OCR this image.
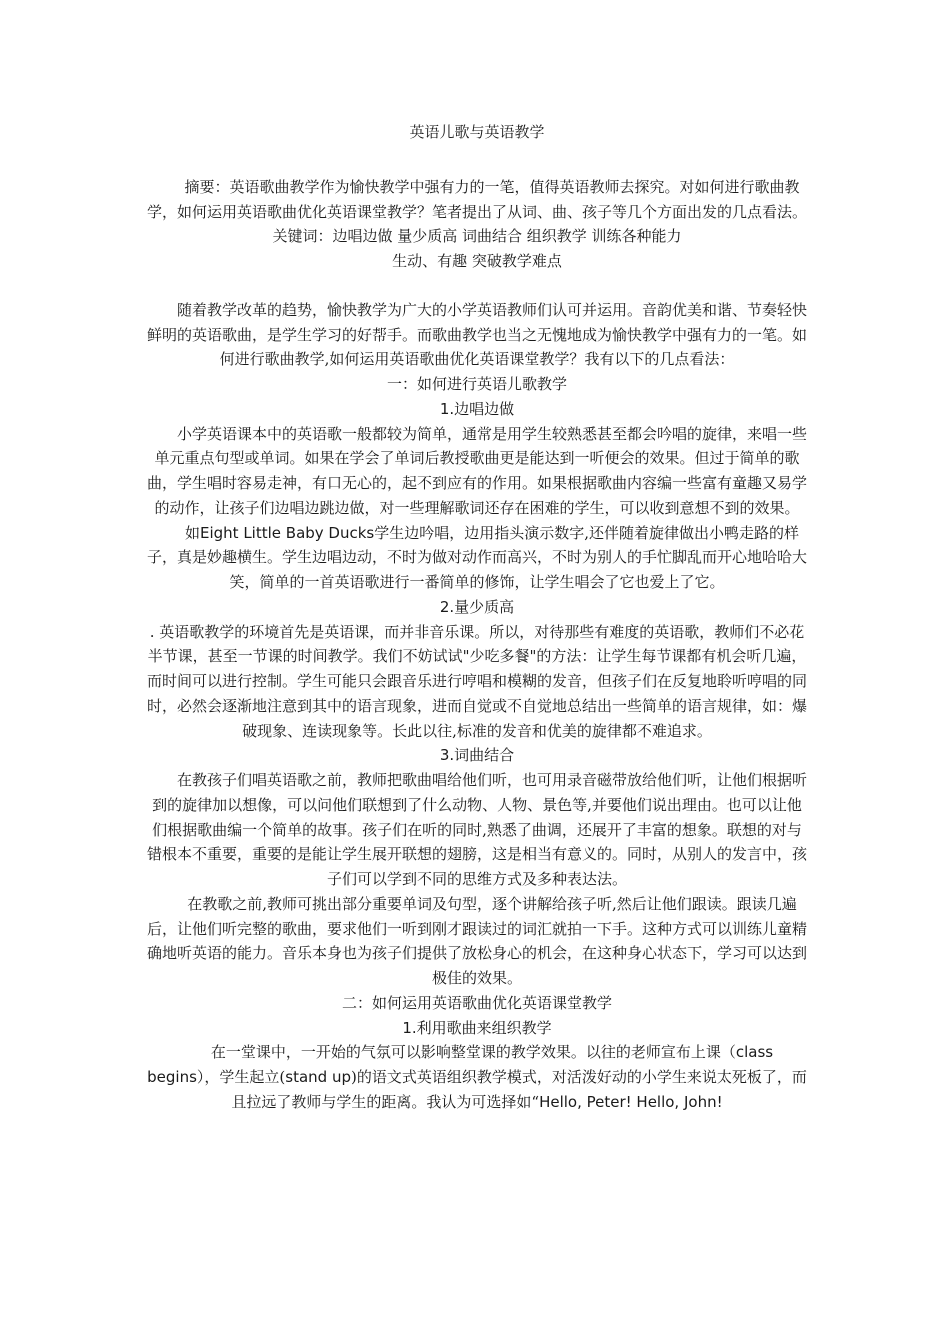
英语儿歌与英语教学

摘要：英语歌曲教学作为愉快教学中强有力的一笔，值得英语教师去探究。对如何进行歌曲教学，如何运用英语歌曲优化英语课堂教学？笔者提出了从词、曲、孩子等几个方面出发的几点看法。

关键词：边唱边做 量少质高 词曲结合 组织教学 训练各种能力

生动、有趣 突破教学难点

随着教学改革的趋势，愉快教学为广大的小学英语教师们认可并运用。音韵优美和谐、节奏轻快鲜明的英语歌曲，是学生学习的好帮手。而歌曲教学也当之无愧地成为愉快教学中强有力的一笔。如何进行歌曲教学,如何运用英语歌曲优化英语课堂教学？我有以下的几点看法：

一：如何进行英语儿歌教学

1.边唱边做

小学英语课本中的英语歌一般都较为简单，通常是用学生较熟悉甚至都会吟唱的旋律，来唱一些单元重点句型或单词。如果在学会了单词后教授歌曲更是能达到一听便会的效果。但过于简单的歌曲，学生唱时容易走神，有口无心的，起不到应有的作用。如果根据歌曲内容编一些富有童趣又易学的动作，让孩子们边唱边跳边做，对一些理解歌词还存在困难的学生，可以收到意想不到的效果。

如Eight Little Baby Ducks学生边吟唱，边用指头演示数字,还伴随着旋律做出小鸭走路的样子，真是妙趣横生。学生边唱边动，不时为做对动作而高兴，不时为别人的手忙脚乱而开心地哈哈大笑，简单的一首英语歌进行一番简单的修饰，让学生唱会了它也爱上了它。

2.量少质高

. 英语歌教学的环境首先是英语课，而并非音乐课。所以，对待那些有难度的英语歌，教师们不必花半节课，甚至一节课的时间教学。我们不妨试试"少吃多餐"的方法：让学生每节课都有机会听几遍，而时间可以进行控制。学生可能只会跟音乐进行哼唱和模糊的发音，但孩子们在反复地聆听哼唱的同时，必然会逐渐地注意到其中的语言现象，进而自觉或不自觉地总结出一些简单的语言规律，如：爆破现象、连读现象等。长此以往,标准的发音和优美的旋律都不难追求。

3.词曲结合

在教孩子们唱英语歌之前，教师把歌曲唱给他们听，也可用录音磁带放给他们听，让他们根据听到的旋律加以想像，可以问他们联想到了什么动物、人物、景色等,并要他们说出理由。也可以让他们根据歌曲编一个简单的故事。孩子们在听的同时,熟悉了曲调，还展开了丰富的想象。联想的对与错根本不重要，重要的是能让学生展开联想的翅膀，这是相当有意义的。同时，从别人的发言中，孩子们可以学到不同的思维方式及多种表达法。

在教歌之前,教师可挑出部分重要单词及句型，逐个讲解给孩子听,然后让他们跟读。跟读几遍后，让他们听完整的歌曲，要求他们一听到刚才跟读过的词汇就拍一下手。这种方式可以训练儿童精确地听英语的能力。音乐本身也为孩子们提供了放松身心的机会，在这种身心状态下，学习可以达到极佳的效果。

二：如何运用英语歌曲优化英语课堂教学

1.利用歌曲来组织教学

在一堂课中，一开始的气氛可以影响整堂课的教学效果。以往的老师宣布上课（class begins），学生起立(stand up)的语文式英语组织教学模式，对活泼好动的小学生来说太死板了，而且拉远了教师与学生的距离。我认为可选择如“Hello, Peter! Hello, John!
